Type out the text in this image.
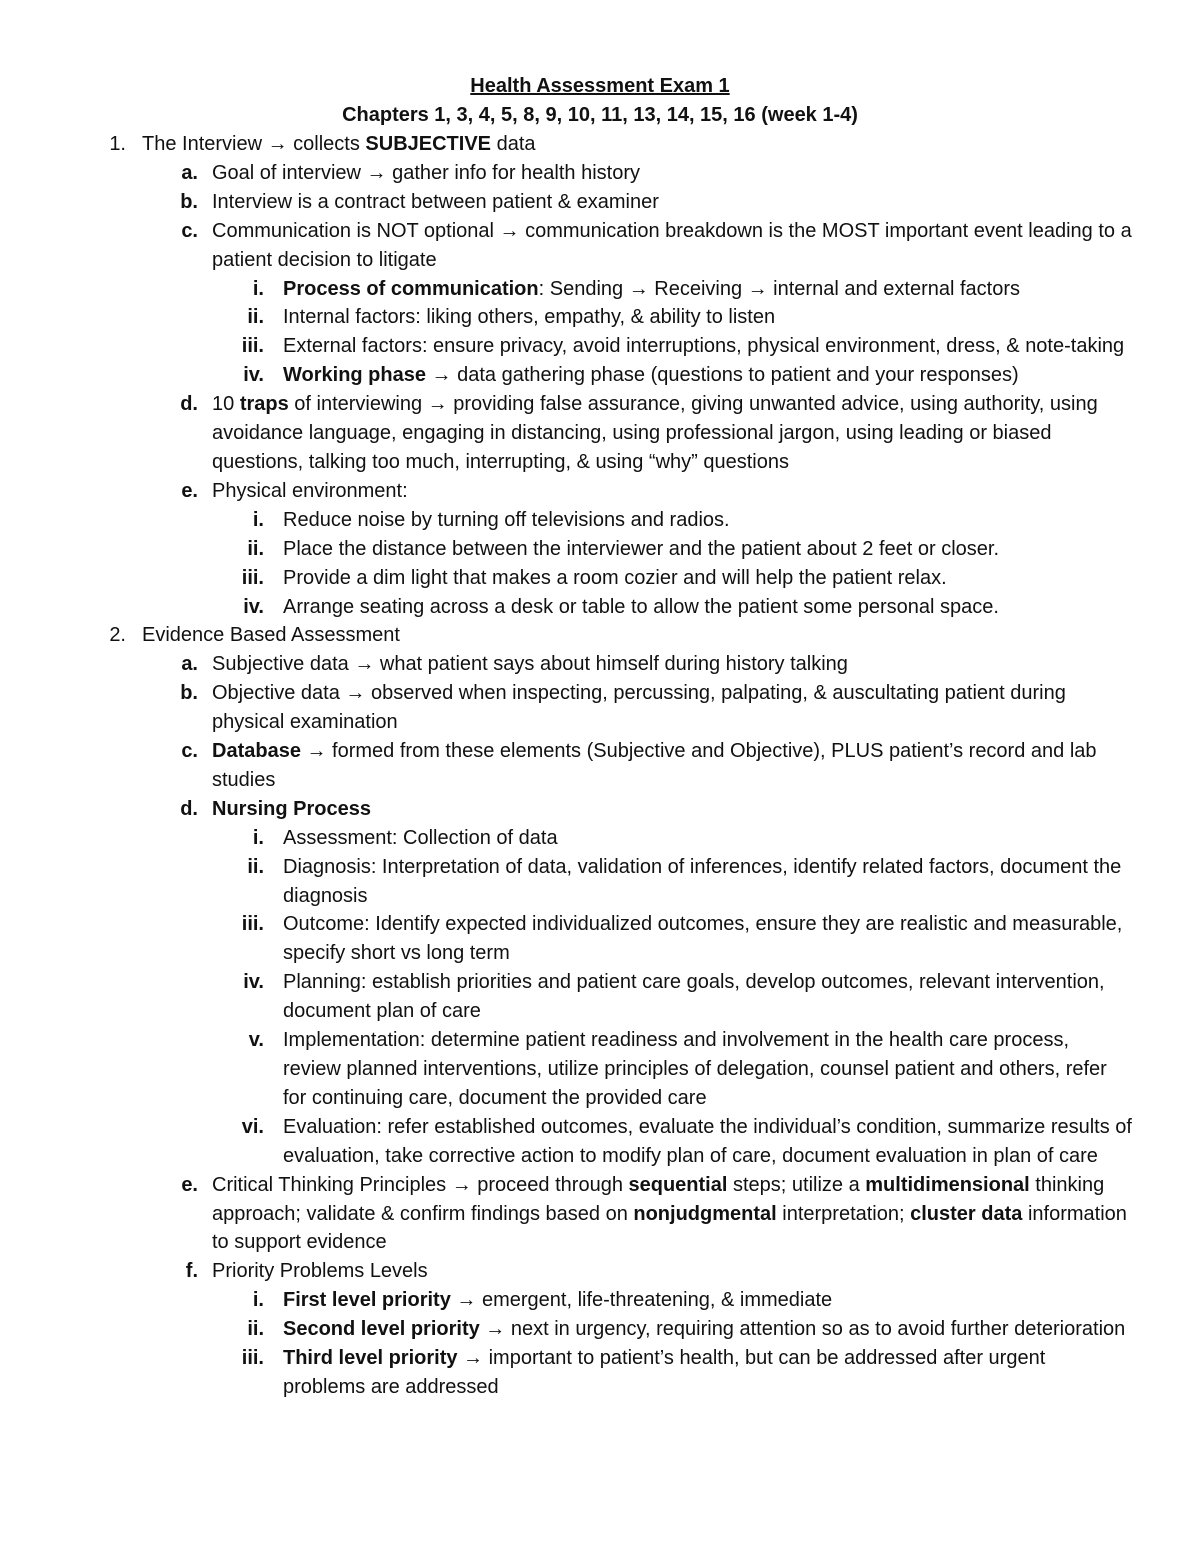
Health Assessment Exam 1
Chapters 1, 3, 4, 5, 8, 9, 10, 11, 13, 14, 15, 16 (week 1-4)
1. The Interview → collects SUBJECTIVE data
a. Goal of interview → gather info for health history
b. Interview is a contract between patient & examiner
c. Communication is NOT optional → communication breakdown is the MOST important event leading to a patient decision to litigate
i. Process of communication: Sending → Receiving → internal and external factors
ii. Internal factors: liking others, empathy, & ability to listen
iii. External factors: ensure privacy, avoid interruptions, physical environment, dress, & note-taking
iv. Working phase → data gathering phase (questions to patient and your responses)
d. 10 traps of interviewing → providing false assurance, giving unwanted advice, using authority, using avoidance language, engaging in distancing, using professional jargon, using leading or biased questions, talking too much, interrupting, & using “why” questions
e. Physical environment:
i. Reduce noise by turning off televisions and radios.
ii. Place the distance between the interviewer and the patient about 2 feet or closer.
iii. Provide a dim light that makes a room cozier and will help the patient relax.
iv. Arrange seating across a desk or table to allow the patient some personal space.
2. Evidence Based Assessment
a. Subjective data → what patient says about himself during history talking
b. Objective data → observed when inspecting, percussing, palpating, & auscultating patient during physical examination
c. Database → formed from these elements (Subjective and Objective), PLUS patient’s record and lab studies
d. Nursing Process
i. Assessment: Collection of data
ii. Diagnosis: Interpretation of data, validation of inferences, identify related factors, document the diagnosis
iii. Outcome: Identify expected individualized outcomes, ensure they are realistic and measurable, specify short vs long term
iv. Planning: establish priorities and patient care goals, develop outcomes, relevant intervention, document plan of care
v. Implementation: determine patient readiness and involvement in the health care process, review planned interventions, utilize principles of delegation, counsel patient and others, refer for continuing care, document the provided care
vi. Evaluation: refer established outcomes, evaluate the individual’s condition, summarize results of evaluation, take corrective action to modify plan of care, document evaluation in plan of care
e. Critical Thinking Principles → proceed through sequential steps; utilize a multidimensional thinking approach; validate & confirm findings based on nonjudgmental interpretation; cluster data information to support evidence
f. Priority Problems Levels
i. First level priority → emergent, life-threatening, & immediate
ii. Second level priority → next in urgency, requiring attention so as to avoid further deterioration
iii. Third level priority → important to patient’s health, but can be addressed after urgent problems are addressed
